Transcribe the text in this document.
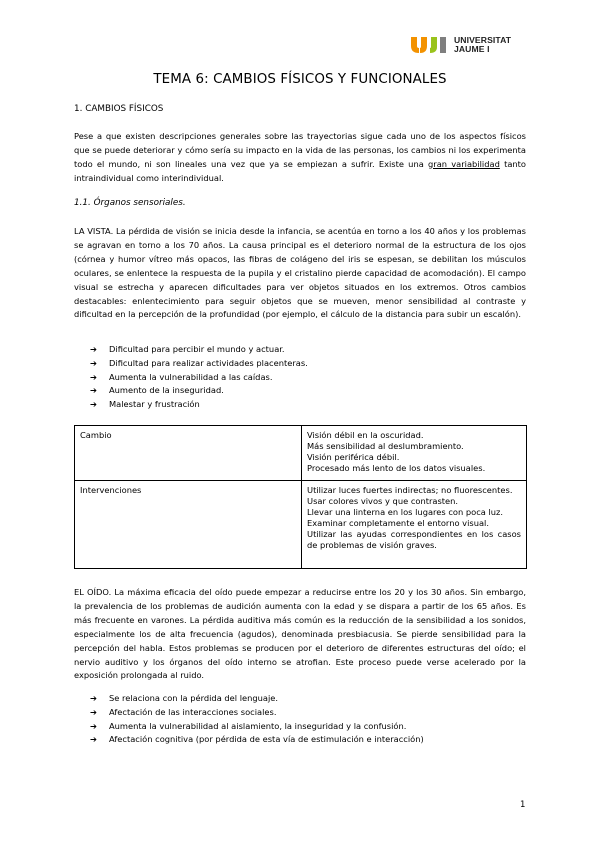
UNIVERSITAT
JAUME I
TEMA 6: CAMBIOS FÍSICOS Y FUNCIONALES
1. CAMBIOS FÍSICOS

Pese a que existen descripciones generales sobre las trayectorias sigue cada uno de los aspectos físicos que se puede deteriorar y cómo sería su impacto en la vida de las personas, los cambios ni los experimenta todo el mundo, ni son lineales una vez que ya se empiezan a sufrir. Existe una gran variabilidad tanto intraindividual como interindividual.

1.1. Órganos sensoriales.

LA VISTA. La pérdida de visión se inicia desde la infancia, se acentúa en torno a los 40 años y los problemas se agravan en torno a los 70 años. La causa principal es el deterioro normal de la estructura de los ojos (córnea y humor vítreo más opacos, las fibras de colágeno del iris se espesan, se debilitan los músculos oculares, se enlentece la respuesta de la pupila y el cristalino pierde capacidad de acomodación). El campo visual se estrecha y aparecen dificultades para ver objetos situados en los extremos. Otros cambios destacables: enlentecimiento para seguir objetos que se mueven, menor sensibilidad al contraste y dificultad en la percepción de la profundidad (por ejemplo, el cálculo de la distancia para subir un escalón).

➔	Dificultad para percibir el mundo y actuar.
➔	Dificultad para realizar actividades placenteras.
➔	Aumenta la vulnerabilidad a las caídas.
➔	Aumento de la inseguridad.
➔	Malestar y frustración
Cambio	Visión débil en la oscuridad.
Más sensibilidad al deslumbramiento.
Visión periférica débil.
Procesado más lento de los datos visuales.

Intervenciones	Utilizar luces fuertes indirectas; no fluorescentes.
Usar colores vivos y que contrasten.
Llevar una linterna en los lugares con poca luz.
Examinar completamente el entorno visual.
Utilizar las ayudas correspondientes en los casos de problemas de visión graves.

EL OÍDO. La máxima eficacia del oído puede empezar a reducirse entre los 20 y los 30 años. Sin embargo, la prevalencia de los problemas de audición aumenta con la edad y se dispara a partir de los 65 años. Es más frecuente en varones. La pérdida auditiva más común es la reducción de la sensibilidad a los sonidos, especialmente los de alta frecuencia (agudos), denominada presbiacusia. Se pierde sensibilidad para la percepción del habla. Estos problemas se producen por el deterioro de diferentes estructuras del oído; el nervio auditivo y los órganos del oído interno se atrofian. Este proceso puede verse acelerado por la exposición prolongada al ruido.

➔	Se relaciona con la pérdida del lenguaje.
➔	Afectación de las interacciones sociales.
➔	Aumenta la vulnerabilidad al aislamiento, la inseguridad y la confusión.
➔	Afectación cognitiva (por pérdida de esta vía de estimulación e interacción)
1
